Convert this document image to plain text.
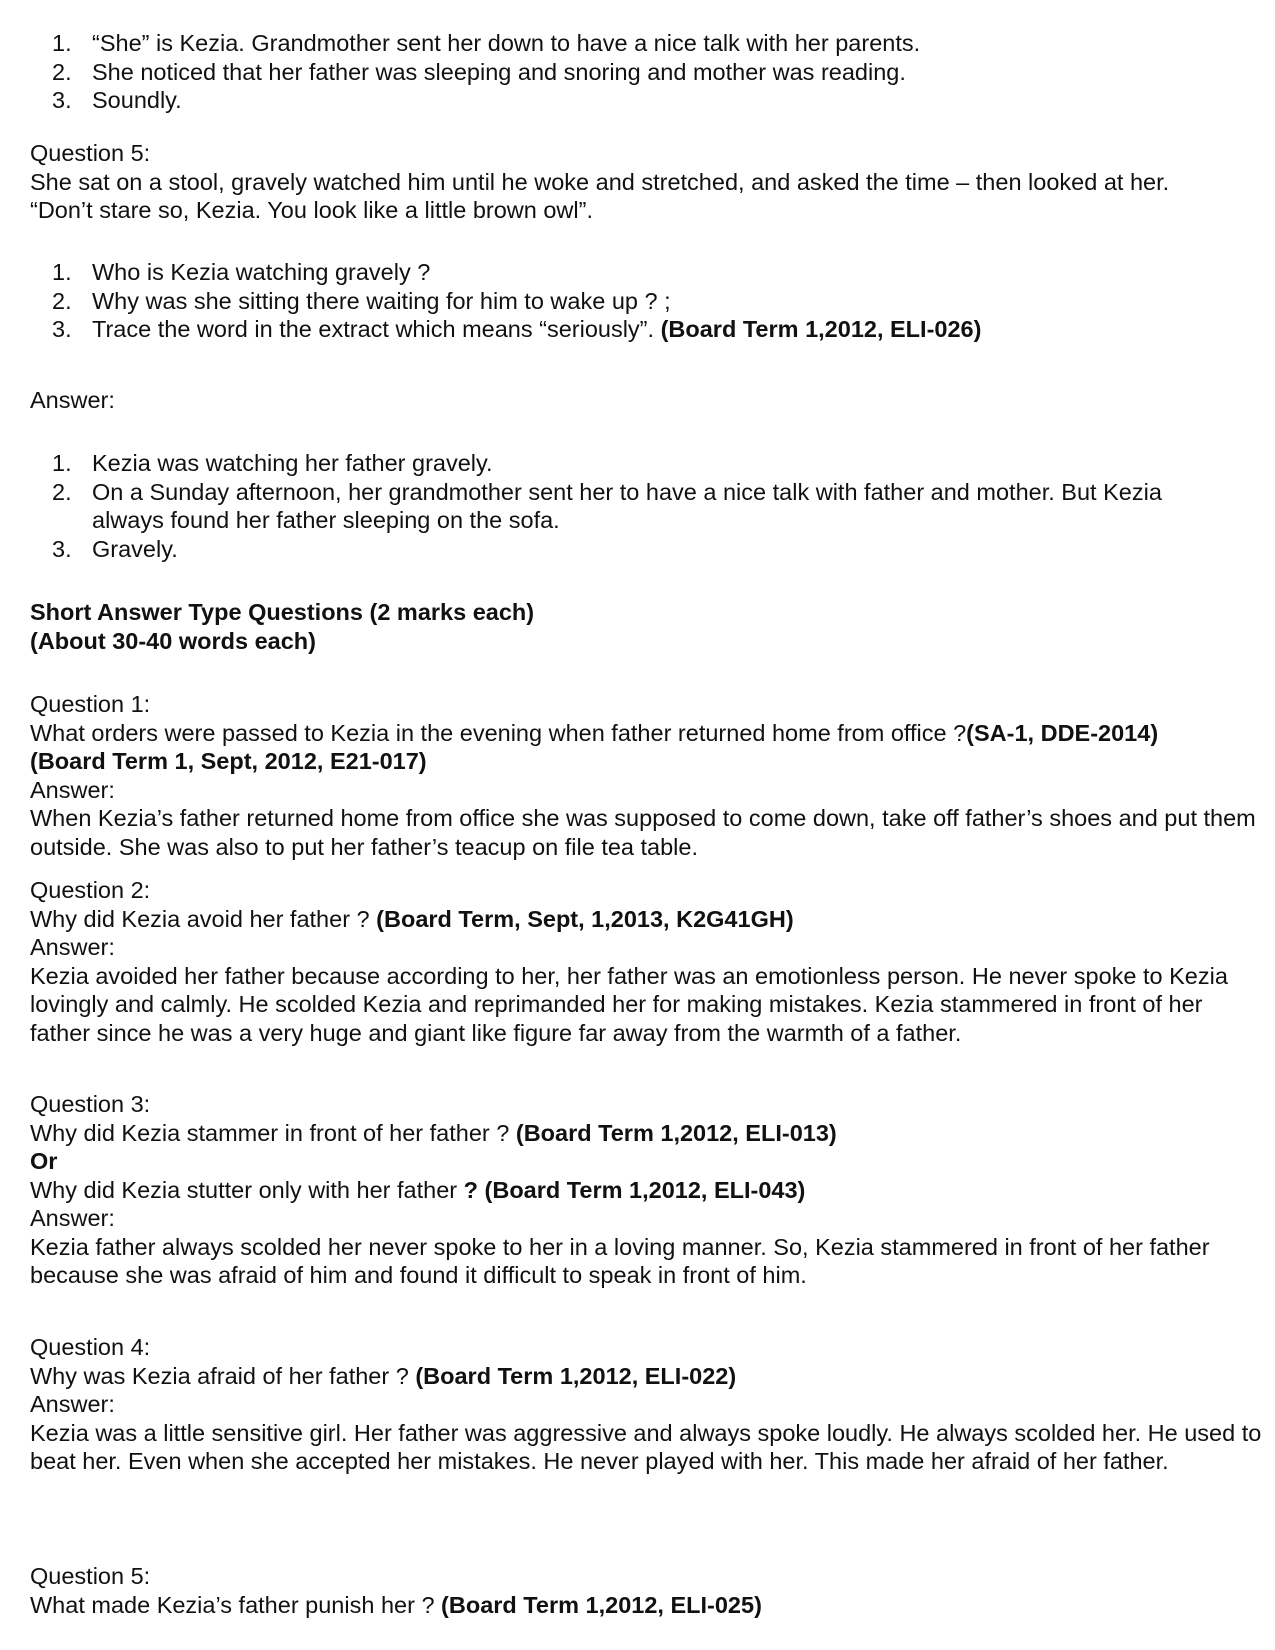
1. “She” is Kezia. Grandmother sent her down to have a nice talk with her parents.
2. She noticed that her father was sleeping and snoring and mother was reading.
3. Soundly.
Question 5:
She sat on a stool, gravely watched him until he woke and stretched, and asked the time – then looked at her.
“Don’t stare so, Kezia. You look like a little brown owl”.
1. Who is Kezia watching gravely ?
2. Why was she sitting there waiting for him to wake up ? ;
3. Trace the word in the extract which means “seriously”. (Board Term 1,2012, ELI-026)
Answer:
1. Kezia was watching her father gravely.
2. On a Sunday afternoon, her grandmother sent her to have a nice talk with father and mother. But Kezia always found her father sleeping on the sofa.
3. Gravely.
Short Answer Type Questions (2 marks each)
(About 30-40 words each)
Question 1:
What orders were passed to Kezia in the evening when father returned home from office ?(SA-1, DDE-2014)
(Board Term 1, Sept, 2012, E21-017)
Answer:
When Kezia’s father returned home from office she was supposed to come down, take off father’s shoes and put them outside. She was also to put her father’s teacup on file tea table.
Question 2:
Why did Kezia avoid her father ? (Board Term, Sept, 1,2013, K2G41GH)
Answer:
Kezia avoided her father because according to her, her father was an emotionless person. He never spoke to Kezia lovingly and calmly. He scolded Kezia and reprimanded her for making mistakes. Kezia stammered in front of her father since he was a very huge and giant like figure far away from the warmth of a father.
Question 3:
Why did Kezia stammer in front of her father ? (Board Term 1,2012, ELI-013)
Or
Why did Kezia stutter only with her father ? (Board Term 1,2012, ELI-043)
Answer:
Kezia father always scolded her never spoke to her in a loving manner. So, Kezia stammered in front of her father because she was afraid of him and found it difficult to speak in front of him.
Question 4:
Why was Kezia afraid of her father ? (Board Term 1,2012, ELI-022)
Answer:
Kezia was a little sensitive girl. Her father was aggressive and always spoke loudly. He always scolded her. He used to beat her. Even when she accepted her mistakes. He never played with her. This made her afraid of her father.
Question 5:
What made Kezia’s father punish her ? (Board Term 1,2012, ELI-025)
